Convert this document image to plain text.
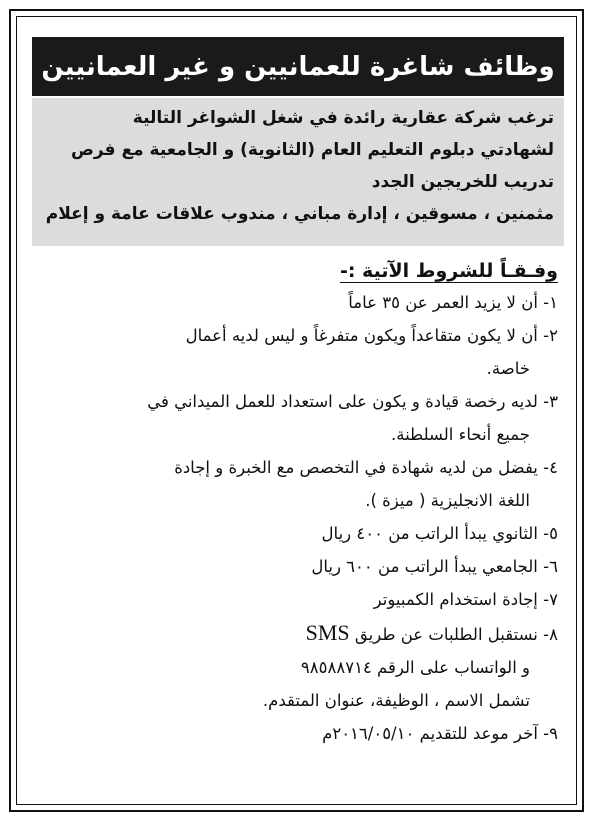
وظائف شاغرة للعمانيين و غير العمانيين
ترغب شركة عقارية رائدة في شغل الشواغر التالية
لشهادتي دبلوم التعليم العام (الثانوية) و الجامعية مع فرص
تدريب للخريجين الجدد
مثمنين ، مسوقين ، إدارة مباني ، مندوب علاقات عامة و إعلام
وفـقـاً للشروط الآتية :-
١- أن لا يزيد العمر عن ٣٥ عاماً
٢- أن لا يكون متقاعداً ويكون متفرغاً و ليس لديه أعمال
خاصة.
٣- لديه رخصة قيادة و يكون على استعداد للعمل الميداني في
جميع أنحاء السلطنة.
٤- يفضل من لديه شهادة في التخصص مع الخبرة و إجادة
اللغة الانجليزية ( ميزة ).
٥- الثانوي يبدأ الراتب من ٤٠٠ ريال
٦- الجامعي يبدأ الراتب من ٦٠٠ ريال
٧- إجادة استخدام الكمبيوتر
٨- نستقبل الطلبات عن طريق SMS
و الواتساب على الرقم ٩٨٥٨٨٧١٤
تشمل الاسم ، الوظيفة، عنوان المتقدم.
٩- آخر موعد للتقديم ٢٠١٦/٠٥/١٠م
